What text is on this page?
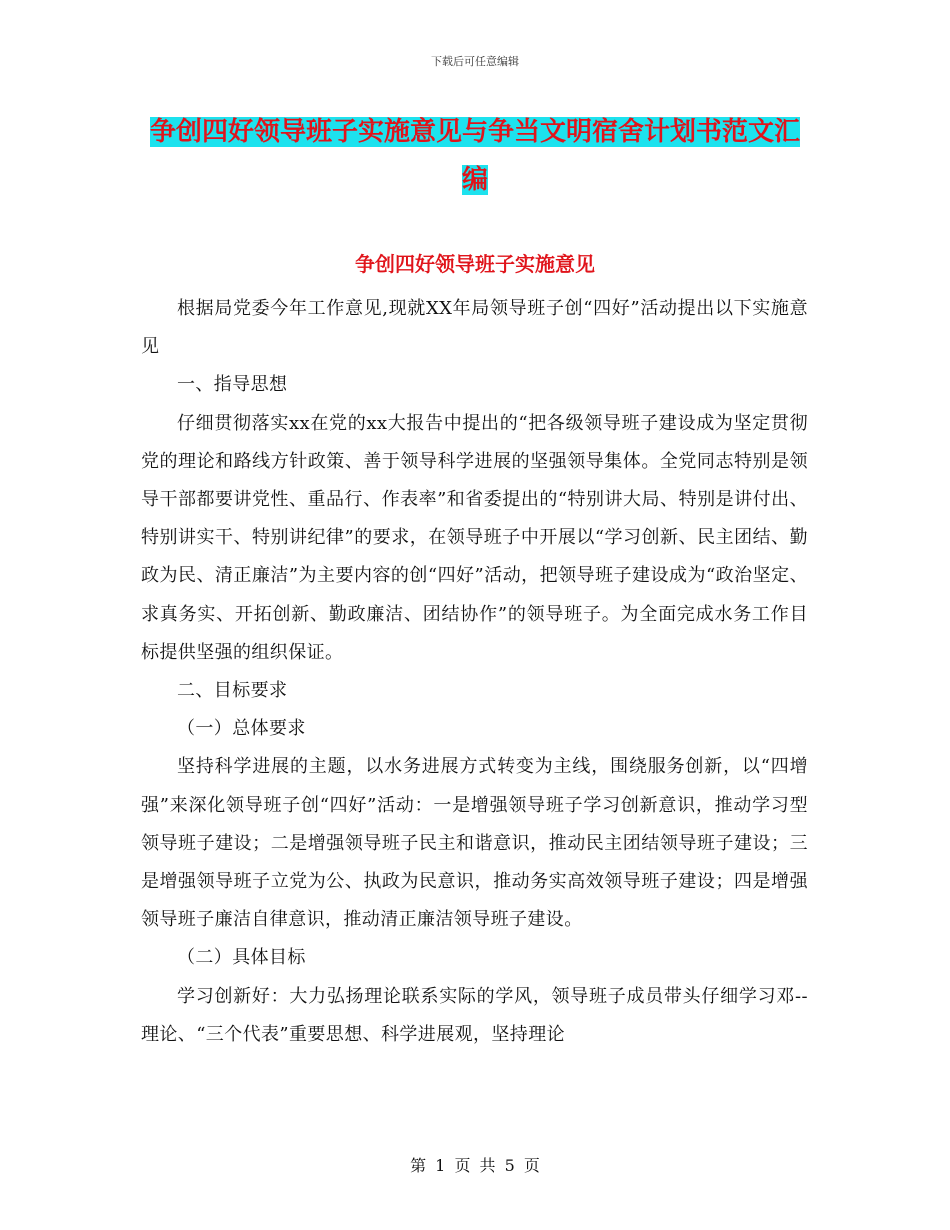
下载后可任意编辑
争创四好领导班子实施意见与争当文明宿舍计划书范文汇编
争创四好领导班子实施意见

根据局党委今年工作意见,现就XX年局领导班子创“四好”活动提出以下实施意见

一、指导思想

仔细贯彻落实xx在党的xx大报告中提出的“把各级领导班子建设成为坚定贯彻党的理论和路线方针政策、善于领导科学进展的坚强领导集体。全党同志特别是领导干部都要讲党性、重品行、作表率”和省委提出的“特别讲大局、特别是讲付出、特别讲实干、特别讲纪律”的要求，在领导班子中开展以“学习创新、民主团结、勤政为民、清正廉洁”为主要内容的创“四好”活动，把领导班子建设成为“政治坚定、求真务实、开拓创新、勤政廉洁、团结协作”的领导班子。为全面完成水务工作目标提供坚强的组织保证。

二、目标要求

（一）总体要求

坚持科学进展的主题，以水务进展方式转变为主线，围绕服务创新，以“四增强”来深化领导班子创“四好”活动：一是增强领导班子学习创新意识，推动学习型领导班子建设；二是增强领导班子民主和谐意识，推动民主团结领导班子建设；三是增强领导班子立党为公、执政为民意识，推动务实高效领导班子建设；四是增强领导班子廉洁自律意识，推动清正廉洁领导班子建设。

（二）具体目标

学习创新好：大力弘扬理论联系实际的学风，领导班子成员带头仔细学习邓--理论、“三个代表”重要思想、科学进展观，坚持理论

第 1 页 共 5 页
